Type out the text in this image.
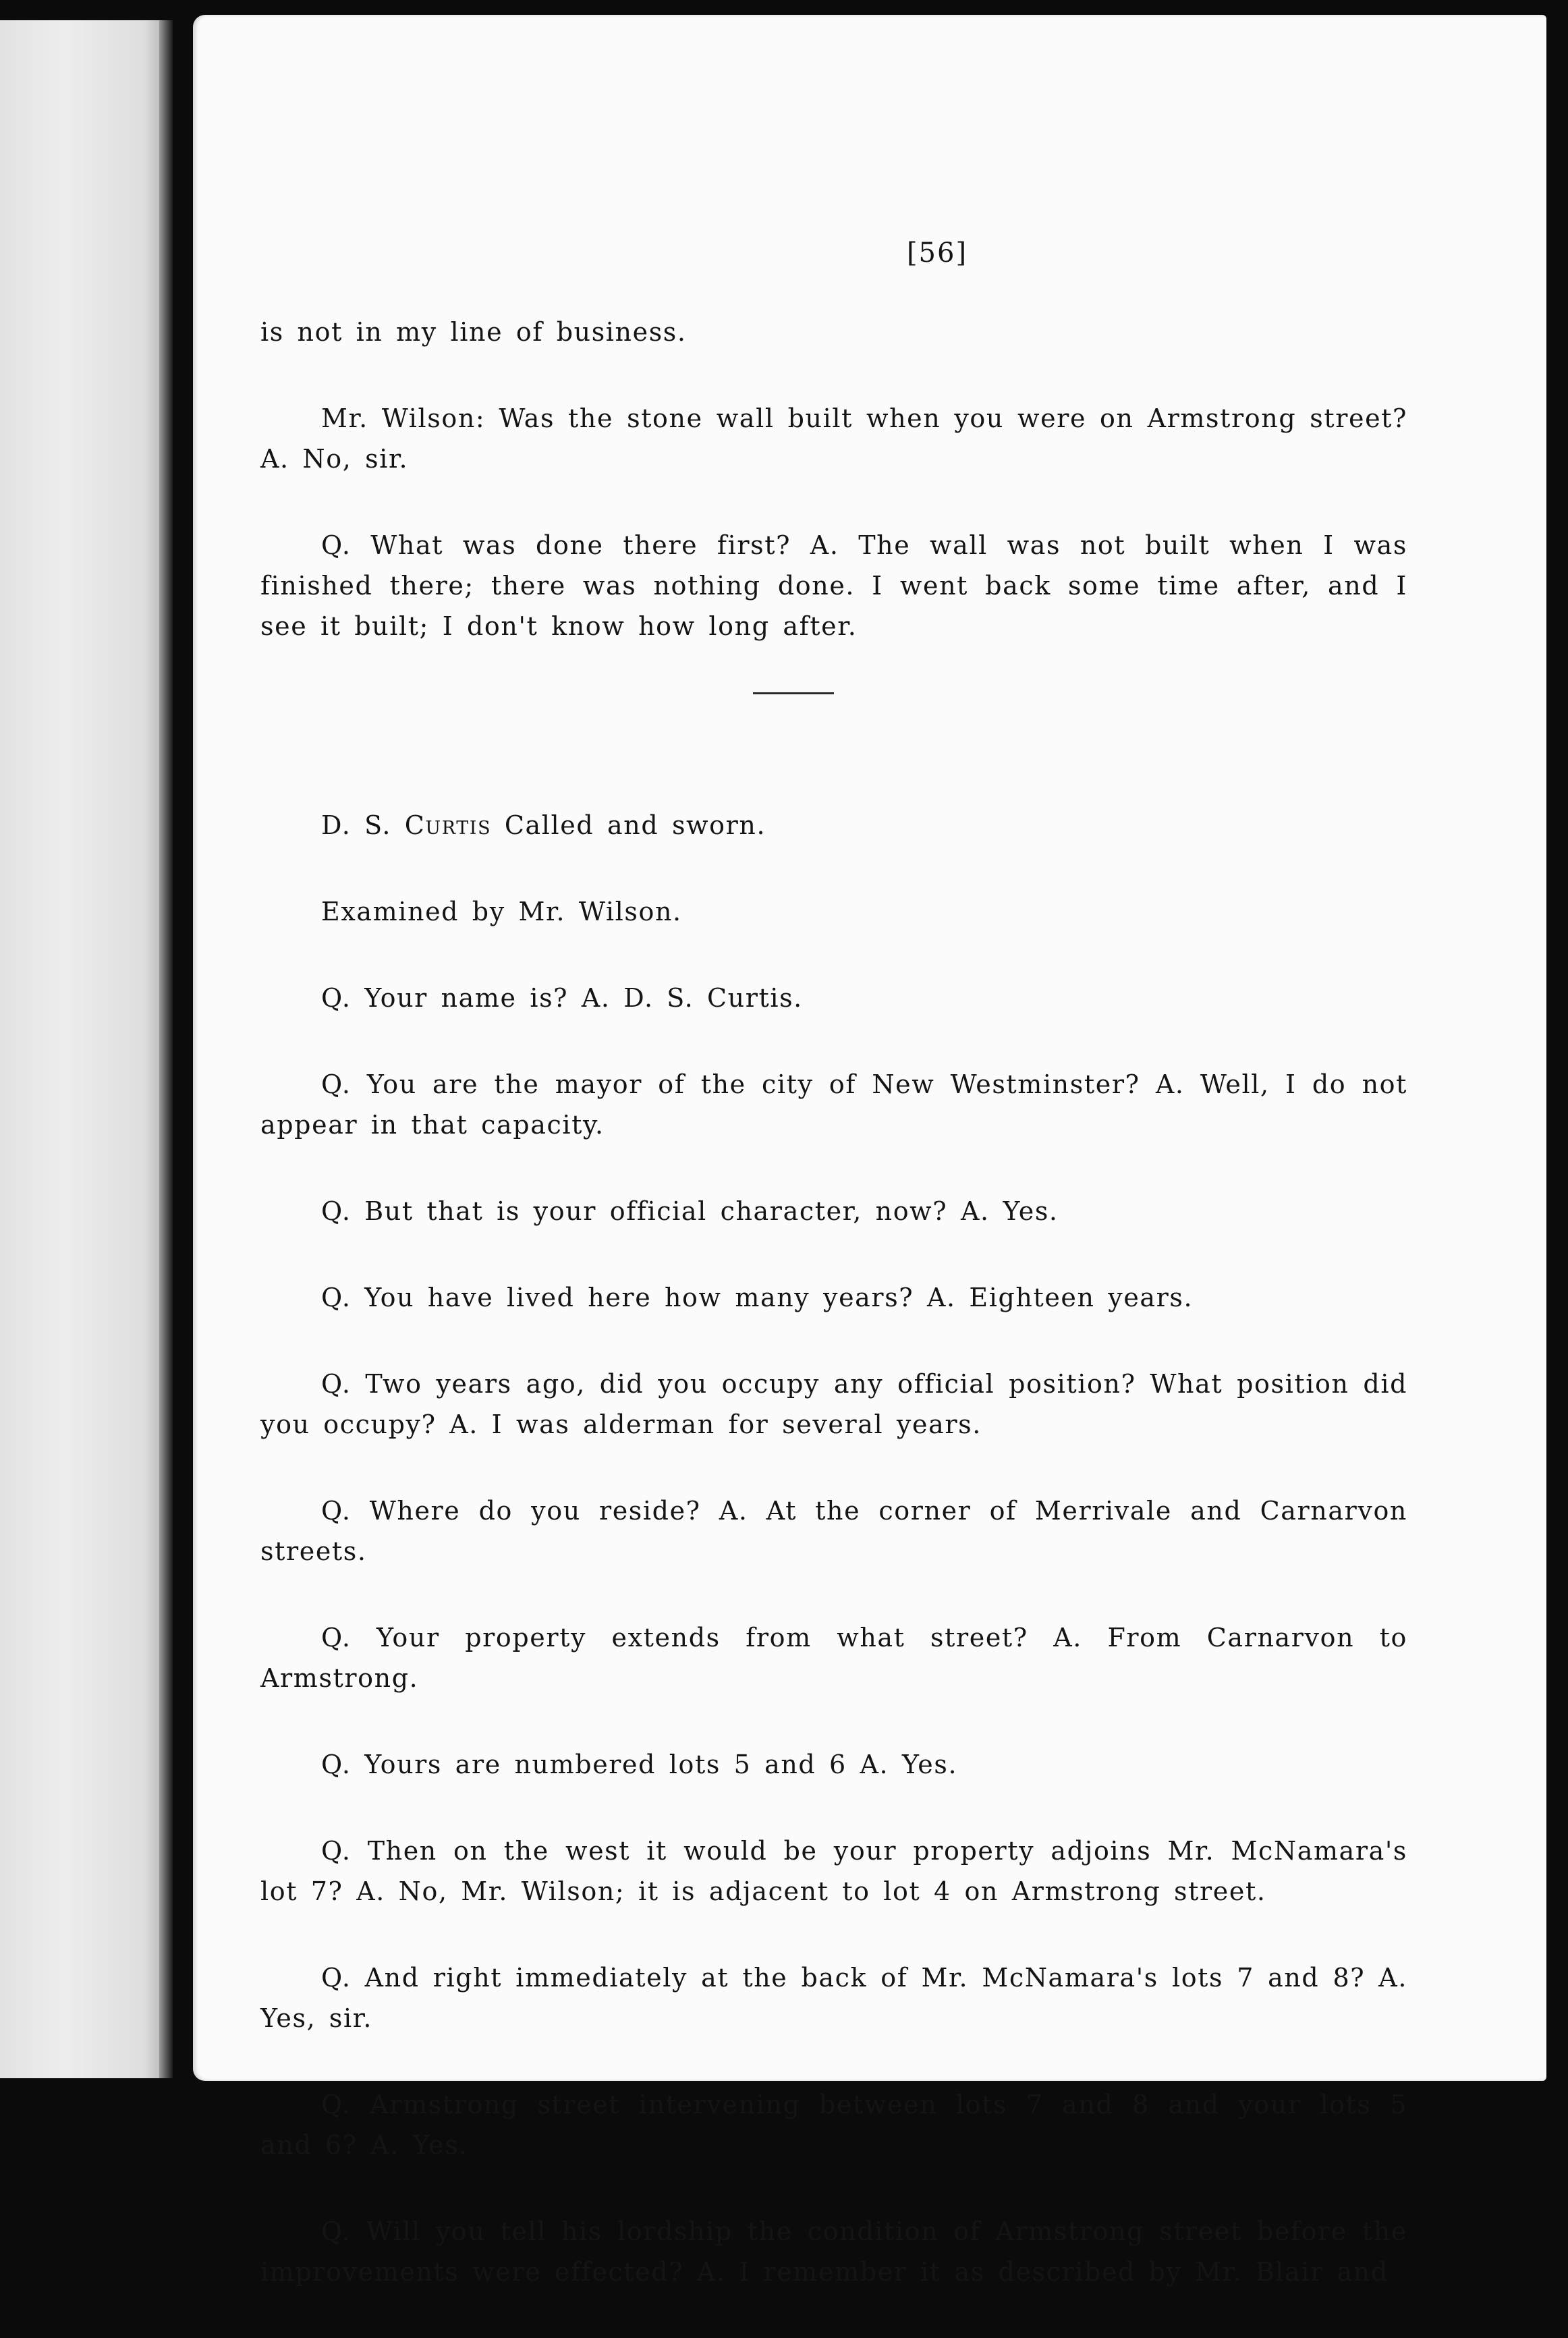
[56]

is not in my line of business.

Mr. Wilson: Was the stone wall built when you were on Armstrong street? A. No, sir.

Q. What was done there first? A. The wall was not built when I was finished there; there was nothing done. I went back some time after, and I see it built; I don't know how long after.

D. S. Curtis Called and sworn.

Examined by Mr. Wilson.

Q. Your name is? A. D. S. Curtis.

Q. You are the mayor of the city of New Westminster? A. Well, I do not appear in that capacity.

Q. But that is your official character, now? A. Yes.

Q. You have lived here how many years? A. Eighteen years.

Q. Two years ago, did you occupy any official position? What position did you occupy? A. I was alderman for several years.

Q. Where do you reside? A. At the corner of Merrivale and Carnarvon streets.

Q. Your property extends from what street? A. From Carnarvon to Armstrong.

Q. Yours are numbered lots 5 and 6 A. Yes.

Q. Then on the west it would be your property adjoins Mr. McNamara's lot 7? A. No, Mr. Wilson; it is adjacent to lot 4 on Armstrong street.

Q. And right immediately at the back of Mr. McNamara's lots 7 and 8? A. Yes, sir.

Q. Armstrong street intervening between lots 7 and 8 and your lots 5 and 6? A. Yes.

Q. Will you tell his lordship the condition of Armstrong street before the improvements were effected? A. I remember it as described by Mr. Blair and
